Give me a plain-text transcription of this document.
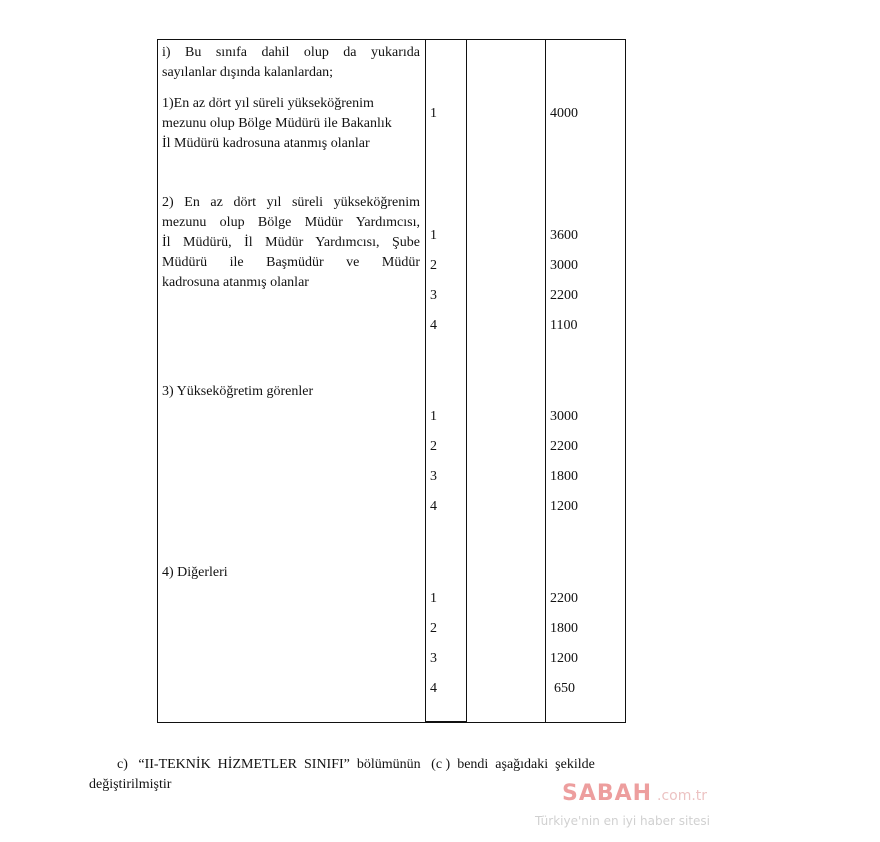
i) Bu sınıfa dahil olup da yukarıda
sayılanlar dışında kalanlardan;
1)En az dört yıl süreli yükseköğrenim
mezunu olup Bölge Müdürü ile Bakanlık
İl Müdürü kadrosuna atanmış olanlar
1	4000
2) En az dört yıl süreli yükseköğrenim
mezunu olup Bölge Müdür Yardımcısı,
İl Müdürü, İl Müdür Yardımcısı, Şube
Müdürü ile Başmüdür ve Müdür
kadrosuna atanmış olanlar
1	3600
2	3000
3	2200
4	1100
3) Yükseköğretim görenler
1	3000
2	2200
3	1800
4	1200
4) Diğerleri
1	2200
2	1800
3	1200
4	650
c)   “II-TEKNİK  HİZMETLER  SINIFI”  bölümünün   (c )  bendi  aşağıdaki  şekilde
değiştirilmiştir	SABAH .com.tr
Türkiye'nin en iyi haber sitesi
